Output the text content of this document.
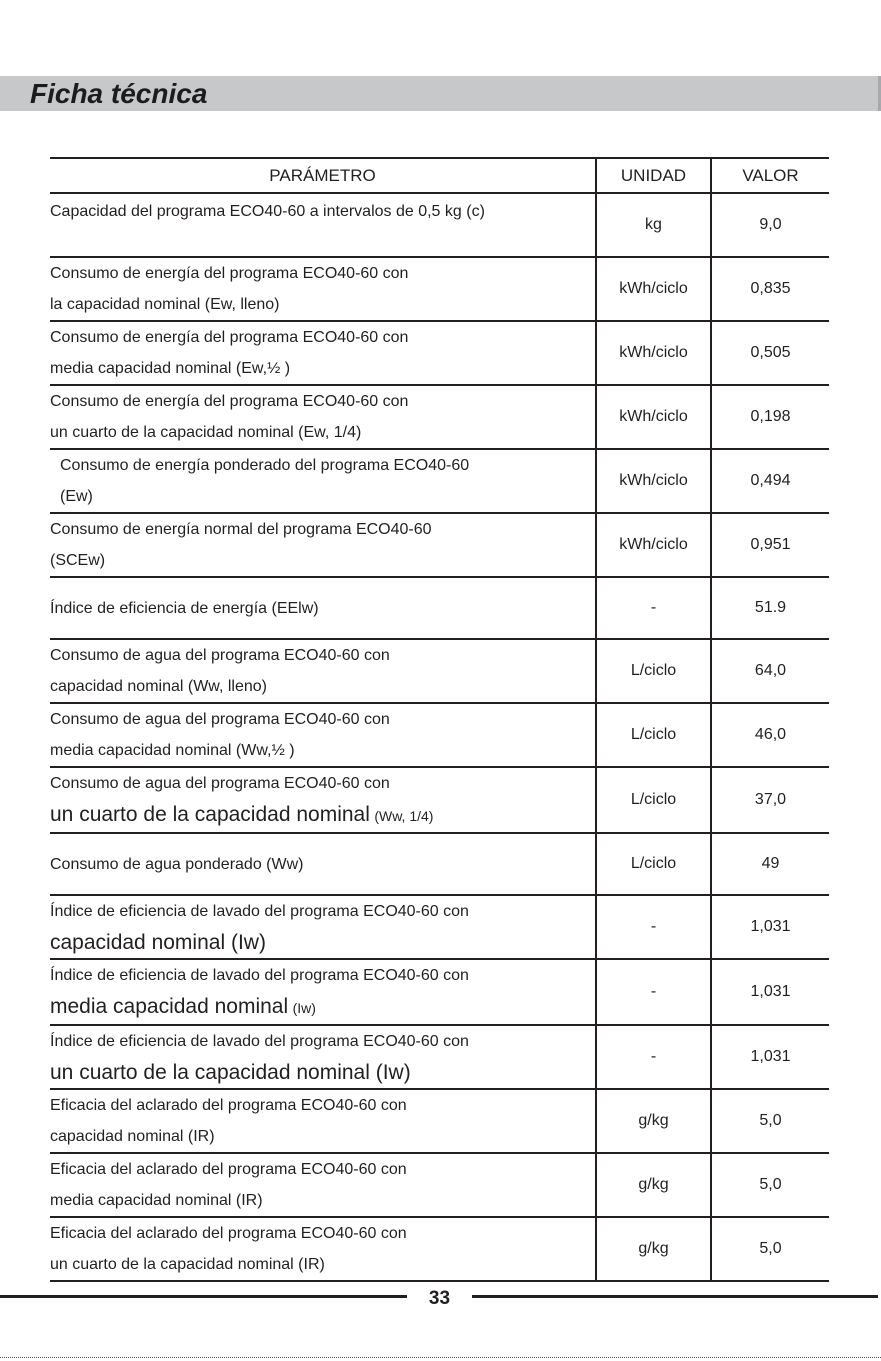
Ficha técnica
PARÁMETRO	UNIDAD	VALOR
Capacidad del programa ECO40-60 a intervalos de 0,5 kg (c)	kg	9,0

Consumo de energía del programa ECO40-60 con
la capacidad nominal (Ew, lleno)	kWh/ciclo	0,835

Consumo de energía del programa ECO40-60 con
media capacidad nominal (Ew,½ )	kWh/ciclo	0,505

Consumo de energía del programa ECO40-60 con
un cuarto de la capacidad nominal (Ew, 1/4)	kWh/ciclo	0,198

Consumo de energía ponderado del programa ECO40-60
(Ew)	kWh/ciclo	0,494

Consumo de energía normal del programa ECO40-60
(SCEw)	kWh/ciclo	0,951
Índice de eficiencia de energía (EElw)	-	51.9

Consumo de agua del programa ECO40-60 con
capacidad nominal (Ww, lleno)	L/ciclo	64,0

Consumo de agua del programa ECO40-60 con
media capacidad nominal (Ww,½ )	L/ciclo	46,0

Consumo de agua del programa ECO40-60 con
un cuarto de la capacidad nominal (Ww, 1/4)	L/ciclo	37,0
Consumo de agua ponderado (Ww)	L/ciclo	49

Índice de eficiencia de lavado del programa ECO40-60 con
capacidad nominal (Iw)	-	1,031

Índice de eficiencia de lavado del programa ECO40-60 con
media capacidad nominal (Iw)	-	1,031

Índice de eficiencia de lavado del programa ECO40-60 con
un cuarto de la capacidad nominal (Iw)	-	1,031

Eficacia del aclarado del programa ECO40-60 con
capacidad nominal (IR)	g/kg	5,0

Eficacia del aclarado del programa ECO40-60 con
media capacidad nominal (IR)	g/kg	5,0

Eficacia del aclarado del programa ECO40-60 con
un cuarto de la capacidad nominal (IR)	g/kg	5,0
33
